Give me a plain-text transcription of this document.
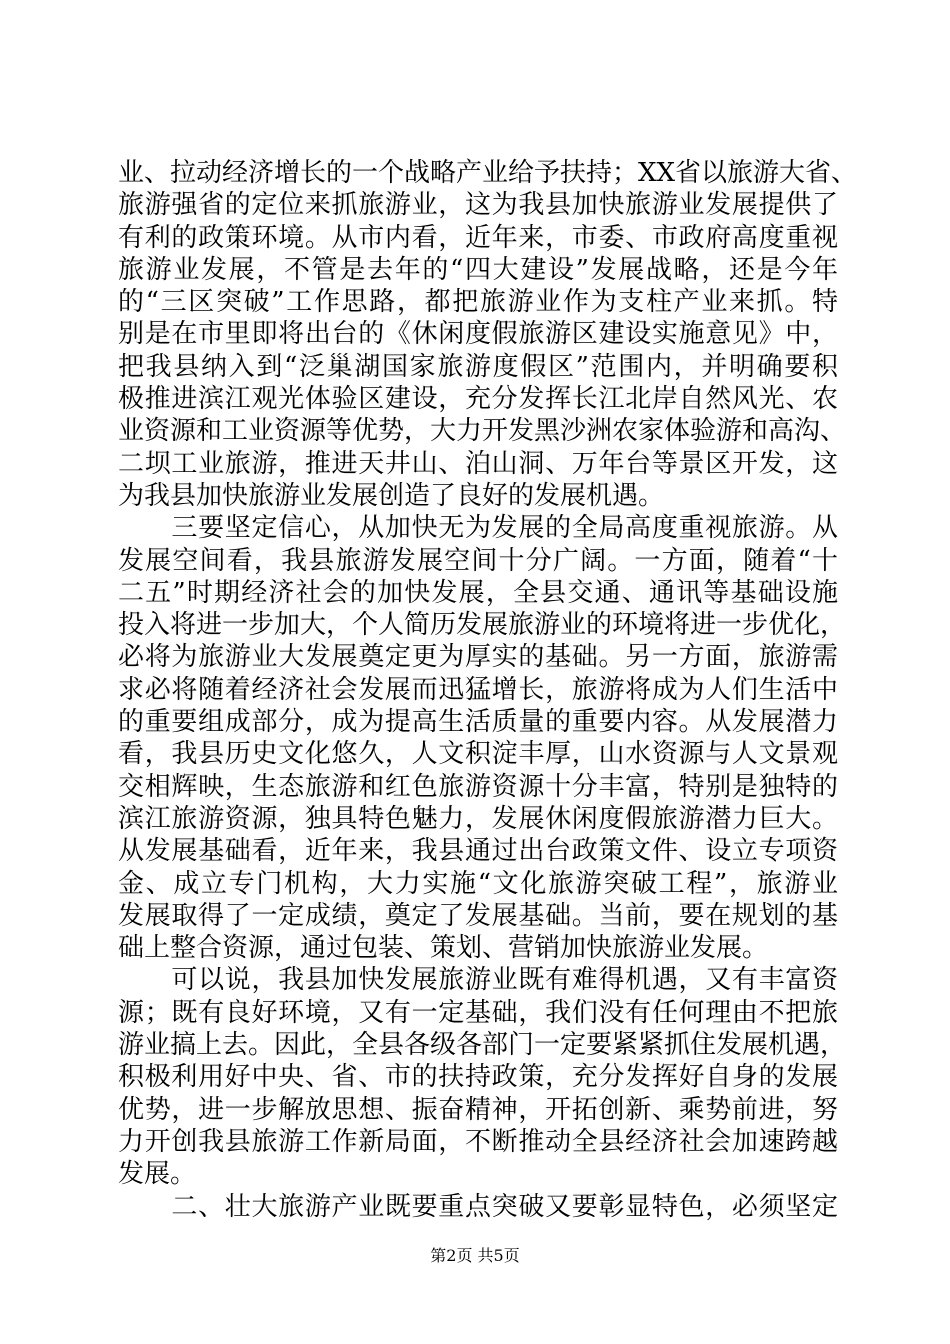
业、拉动经济增长的一个战略产业给予扶持；XX省以旅游大省、
旅游强省的定位来抓旅游业，这为我县加快旅游业发展提供了
有利的政策环境。从市内看，近年来，市委、市政府高度重视
旅游业发展，不管是去年的“四大建设”发展战略，还是今年
的“三区突破”工作思路，都把旅游业作为支柱产业来抓。特
别是在市里即将出台的《休闲度假旅游区建设实施意见》中，
把我县纳入到“泛巢湖国家旅游度假区”范围内，并明确要积
极推进滨江观光体验区建设，充分发挥长江北岸自然风光、农
业资源和工业资源等优势，大力开发黑沙洲农家体验游和高沟、
二坝工业旅游，推进天井山、泊山洞、万年台等景区开发，这
为我县加快旅游业发展创造了良好的发展机遇。
　　三要坚定信心，从加快无为发展的全局高度重视旅游。从
发展空间看，我县旅游发展空间十分广阔。一方面，随着“十
二五”时期经济社会的加快发展，全县交通、通讯等基础设施
投入将进一步加大，个人简历发展旅游业的环境将进一步优化，
必将为旅游业大发展奠定更为厚实的基础。另一方面，旅游需
求必将随着经济社会发展而迅猛增长，旅游将成为人们生活中
的重要组成部分，成为提高生活质量的重要内容。从发展潜力
看，我县历史文化悠久，人文积淀丰厚，山水资源与人文景观
交相辉映，生态旅游和红色旅游资源十分丰富，特别是独特的
滨江旅游资源，独具特色魅力，发展休闲度假旅游潜力巨大。
从发展基础看，近年来，我县通过出台政策文件、设立专项资
金、成立专门机构，大力实施“文化旅游突破工程”，旅游业
发展取得了一定成绩，奠定了发展基础。当前，要在规划的基
础上整合资源，通过包装、策划、营销加快旅游业发展。
　　可以说，我县加快发展旅游业既有难得机遇，又有丰富资
源；既有良好环境，又有一定基础，我们没有任何理由不把旅
游业搞上去。因此，全县各级各部门一定要紧紧抓住发展机遇，
积极利用好中央、省、市的扶持政策，充分发挥好自身的发展
优势，进一步解放思想、振奋精神，开拓创新、乘势前进，努
力开创我县旅游工作新局面，不断推动全县经济社会加速跨越
发展。
　　二、壮大旅游产业既要重点突破又要彰显特色，必须坚定
第2页 共5页
